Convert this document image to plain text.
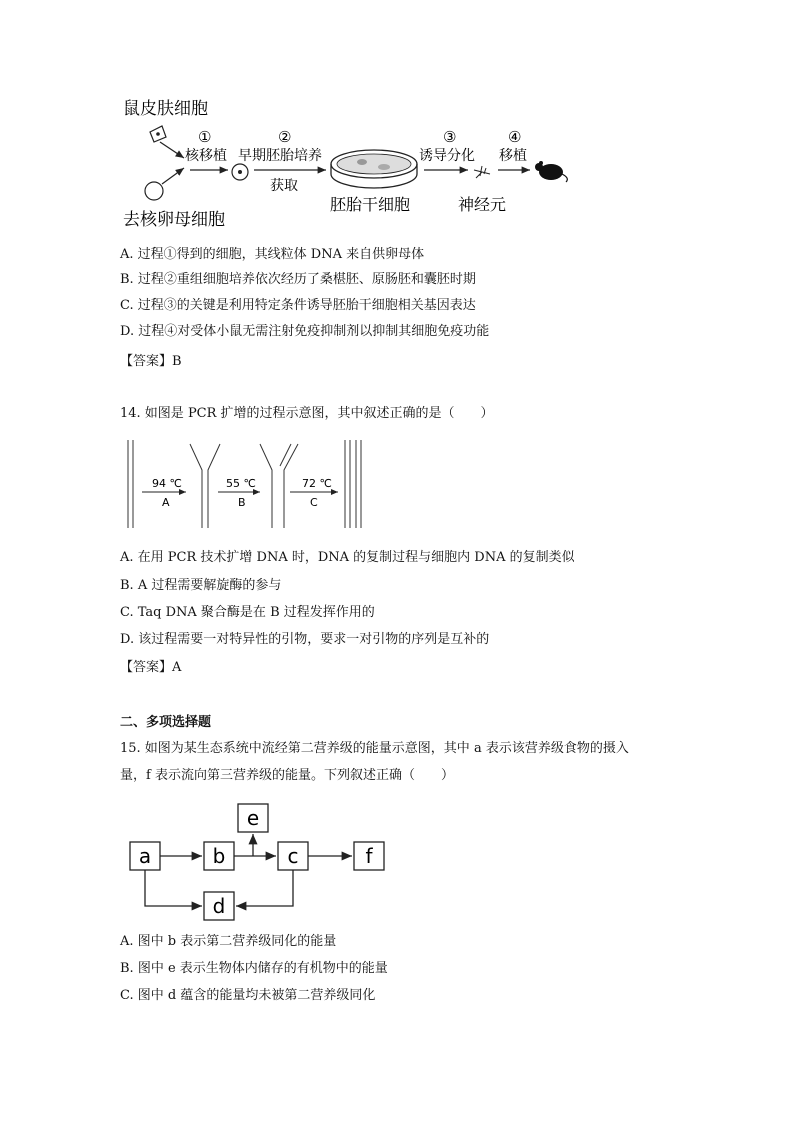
鼠皮肤细胞
①
核移植
②
早期胚胎培养
获取
胚胎干细胞
③
诱导分化
神经元
④
移植
去核卵母细胞
A. 过程①得到的细胞，其线粒体 DNA 来自供卵母体
B. 过程②重组细胞培养依次经历了桑椹胚、原肠胚和囊胚时期
C. 过程③的关键是利用特定条件诱导胚胎干细胞相关基因表达
D. 过程④对受体小鼠无需注射免疫抑制剂以抑制其细胞免疫功能
【答案】B
14. 如图是 PCR 扩增的过程示意图，其中叙述正确的是（　　）
94 ℃
A
55 ℃
B
72 ℃
C
A. 在用 PCR 技术扩增 DNA 时，DNA 的复制过程与细胞内 DNA 的复制类似
B. A 过程需要解旋酶的参与
C. Taq DNA 聚合酶是在 B 过程发挥作用的
D. 该过程需要一对特异性的引物，要求一对引物的序列是互补的
【答案】A
二、多项选择题
15. 如图为某生态系统中流经第二营养级的能量示意图，其中 a 表示该营养级食物的摄入
量，f 表示流向第三营养级的能量。下列叙述正确（　　）
a	b
e
c	f
d
A. 图中 b 表示第二营养级同化的能量
B. 图中 e 表示生物体内储存的有机物中的能量
C. 图中 d 蕴含的能量均未被第二营养级同化
